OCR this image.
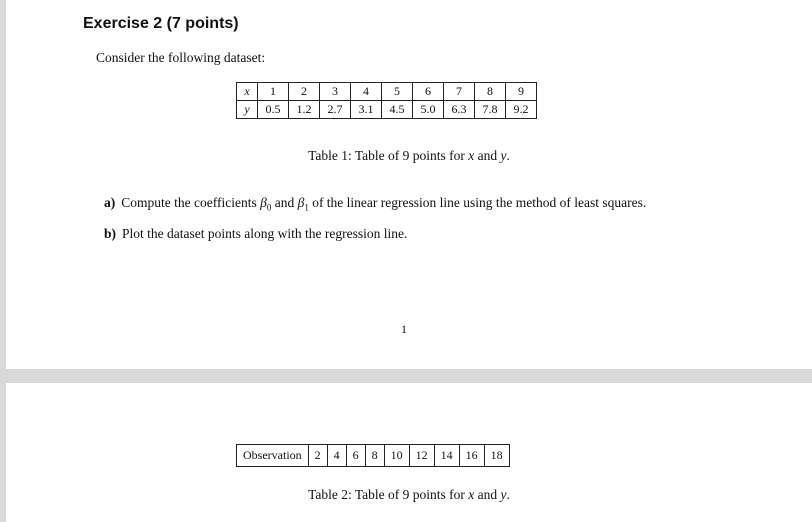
Exercise 2 (7 points)

Consider the following dataset:

x	1	2	3	4	5	6	7	8	9
y	0.5	1.2	2.7	3.1	4.5	5.0	6.3	7.8	9.2

Table 1: Table of 9 points for x and y.

a) Compute the coefficients $\beta_0$ and $\beta_1$ of the linear regression line using the method of least squares.

b) Plot the dataset points along with the regression line.

1

Observation	2	4	6	8	10	12	14	16	18

Table 2: Table of 9 points for x and y.
